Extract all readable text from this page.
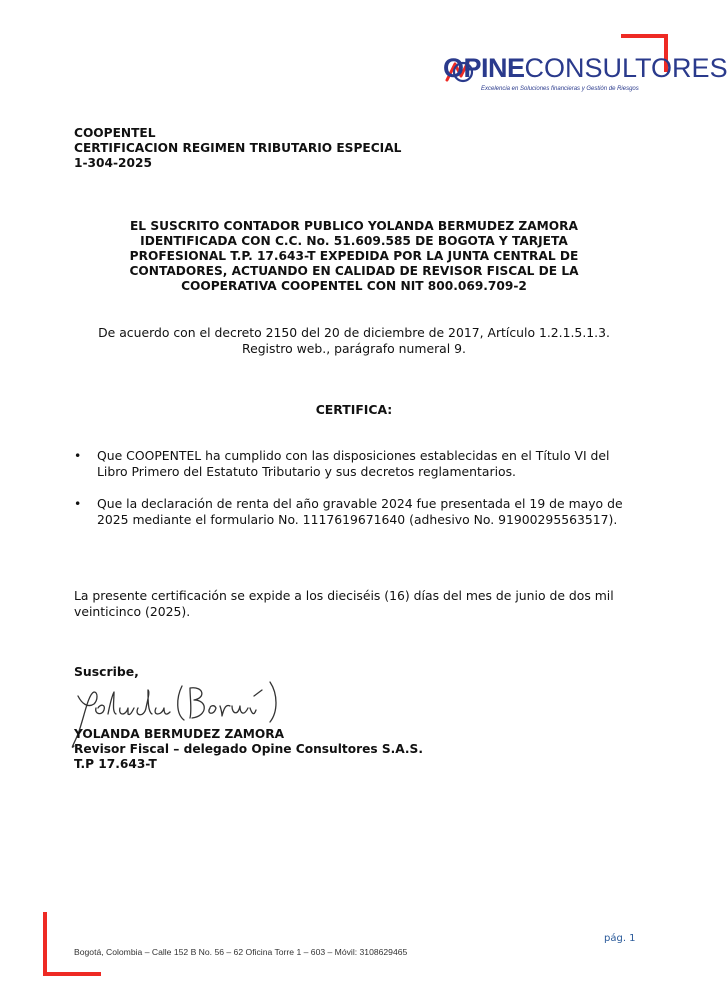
OPINECONSULTORES
Excelencia en Soluciones financieras y Gestión de Riesgos
COOPENTEL
CERTIFICACION REGIMEN TRIBUTARIO ESPECIAL
1-304-2025
EL SUSCRITO CONTADOR PUBLICO YOLANDA BERMUDEZ ZAMORA
IDENTIFICADA CON C.C. No. 51.609.585 DE BOGOTA Y TARJETA
PROFESIONAL T.P. 17.643-T EXPEDIDA POR LA JUNTA CENTRAL DE
CONTADORES, ACTUANDO EN CALIDAD DE REVISOR FISCAL DE LA
COOPERATIVA COOPENTEL CON NIT 800.069.709-2
De acuerdo con el decreto 2150 del 20 de diciembre de 2017, Artículo 1.2.1.5.1.3.
Registro web., parágrafo numeral 9.
CERTIFICA:
• Que COOPENTEL ha cumplido con las disposiciones establecidas en el Título VI del
Libro Primero del Estatuto Tributario y sus decretos reglamentarios.
• Que la declaración de renta del año gravable 2024 fue presentada el 19 de mayo de
2025 mediante el formulario No. 1117619671640 (adhesivo No. 91900295563517).
La presente certificación se expide a los dieciséis (16) días del mes de junio de dos mil
veinticinco (2025).
Suscribe,
YOLANDA BERMUDEZ ZAMORA
Revisor Fiscal – delegado Opine Consultores S.A.S.
T.P 17.643-T
pág. 1
Bogotá, Colombia – Calle 152 B No. 56 – 62 Oficina Torre 1 – 603 – Móvil: 3108629465
